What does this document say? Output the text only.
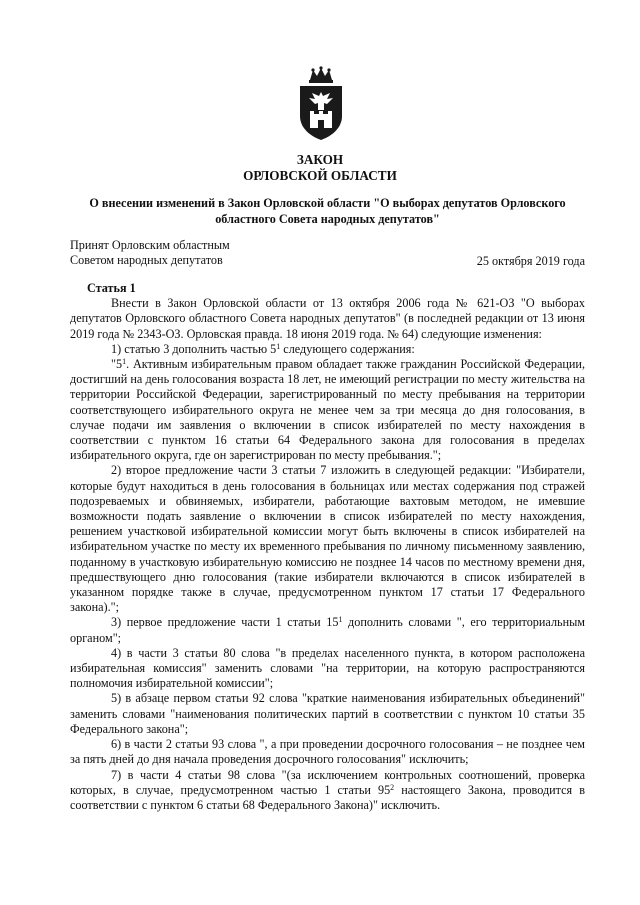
ЗАКОН
ОРЛОВСКОЙ ОБЛАСТИ
О внесении изменений в Закон Орловской области "О выборах депутатов Орловского областного Совета народных депутатов"
Принят Орловским областным
Советом народных депутатов	25 октября 2019 года

Статья 1

Внести в Закон Орловской области от 13 октября 2006 года № 621-ОЗ "О выборах депутатов Орловского областного Совета народных депутатов" (в последней редакции от 13 июня 2019 года № 2343-ОЗ. Орловская правда. 18 июня 2019 года. № 64) следующие изменения:

1) статью 3 дополнить частью $5^1$ следующего содержания:

"$5^1$. Активным избирательным правом обладает также гражданин Российской Федерации, достигший на день голосования возраста 18 лет, не имеющий регистрации по месту жительства на территории Российской Федерации, зарегистрированный по месту пребывания на территории соответствующего избирательного округа не менее чем за три месяца до дня голосования, в случае подачи им заявления о включении в список избирателей по месту нахождения в соответствии с пунктом 16 статьи 64 Федерального закона для голосования в пределах избирательного округа, где он зарегистрирован по месту пребывания.";

2) второе предложение части 3 статьи 7 изложить в следующей редакции: "Избиратели, которые будут находиться в день голосования в больницах или местах содержания под стражей подозреваемых и обвиняемых, избиратели, работающие вахтовым методом, не имевшие возможности подать заявление о включении в список избирателей по месту нахождения, решением участковой избирательной комиссии могут быть включены в список избирателей на избирательном участке по месту их временного пребывания по личному письменному заявлению, поданному в участковую избирательную комиссию не позднее 14 часов по местному времени дня, предшествующего дню голосования (такие избиратели включаются в список избирателей в указанном порядке также в случае, предусмотренном пунктом 17 статьи 17 Федерального закона).";

3) первое предложение части 1 статьи $15^1$ дополнить словами ", его территориальным органом";

4) в части 3 статьи 80 слова "в пределах населенного пункта, в котором расположена избирательная комиссия" заменить словами "на территории, на которую распространяются полномочия избирательной комиссии";

5) в абзаце первом статьи 92 слова "краткие наименования избирательных объединений" заменить словами "наименования политических партий в соответствии с пунктом 10 статьи 35 Федерального закона";

6) в части 2 статьи 93 слова ", а при проведении досрочного голосования – не позднее чем за пять дней до дня начала проведения досрочного голосования" исключить;

7) в части 4 статьи 98 слова "(за исключением контрольных соотношений, проверка которых, в случае, предусмотренном частью 1 статьи $95^2$ настоящего Закона, проводится в соответствии с пунктом 6 статьи 68 Федерального Закона)" исключить.
